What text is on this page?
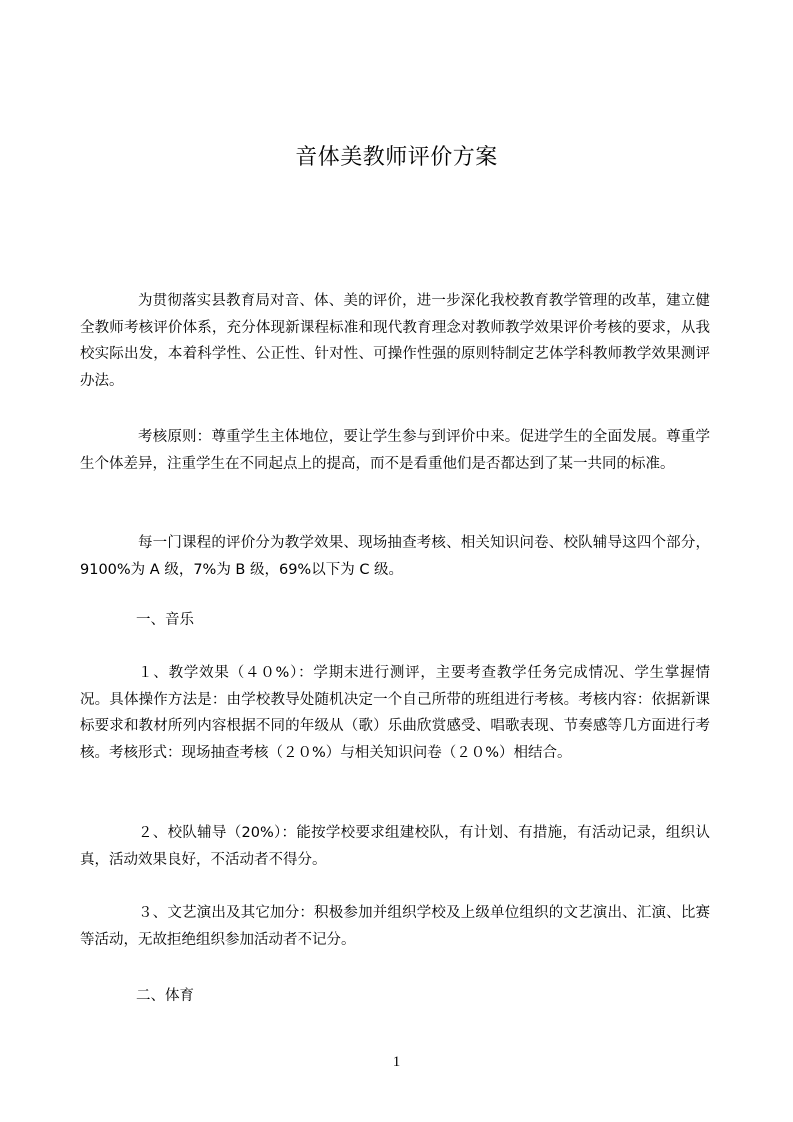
音体美教师评价方案

为贯彻落实县教育局对音、体、美的评价，进一步深化我校教育教学管理的改革，建立健全教师考核评价体系，充分体现新课程标准和现代教育理念对教师教学效果评价考核的要求，从我校实际出发，本着科学性、公正性、针对性、可操作性强的原则特制定艺体学科教师教学效果测评办法。

考核原则：尊重学生主体地位，要让学生参与到评价中来。促进学生的全面发展。尊重学生个体差异，注重学生在不同起点上的提高，而不是看重他们是否都达到了某一共同的标准。

每一门课程的评价分为教学效果、现场抽查考核、相关知识问卷、校队辅导这四个部分，9100%为 A 级，7%为 B 级，69%以下为 C 级。

一、音乐

１、教学效果（４０%）：学期末进行测评，主要考查教学任务完成情况、学生掌握情况。具体操作方法是：由学校教导处随机决定一个自己所带的班组进行考核。考核内容：依据新课标要求和教材所列内容根据不同的年级从（歌）乐曲欣赏感受、唱歌表现、节奏感等几方面进行考核。考核形式：现场抽查考核（２０%）与相关知识问卷（２０%）相结合。

２、校队辅导（20%）：能按学校要求组建校队，有计划、有措施，有活动记录，组织认真，活动效果良好，不活动者不得分。

３、文艺演出及其它加分：积极参加并组织学校及上级单位组织的文艺演出、汇演、比赛等活动，无故拒绝组织参加活动者不记分。

二、体育

1
